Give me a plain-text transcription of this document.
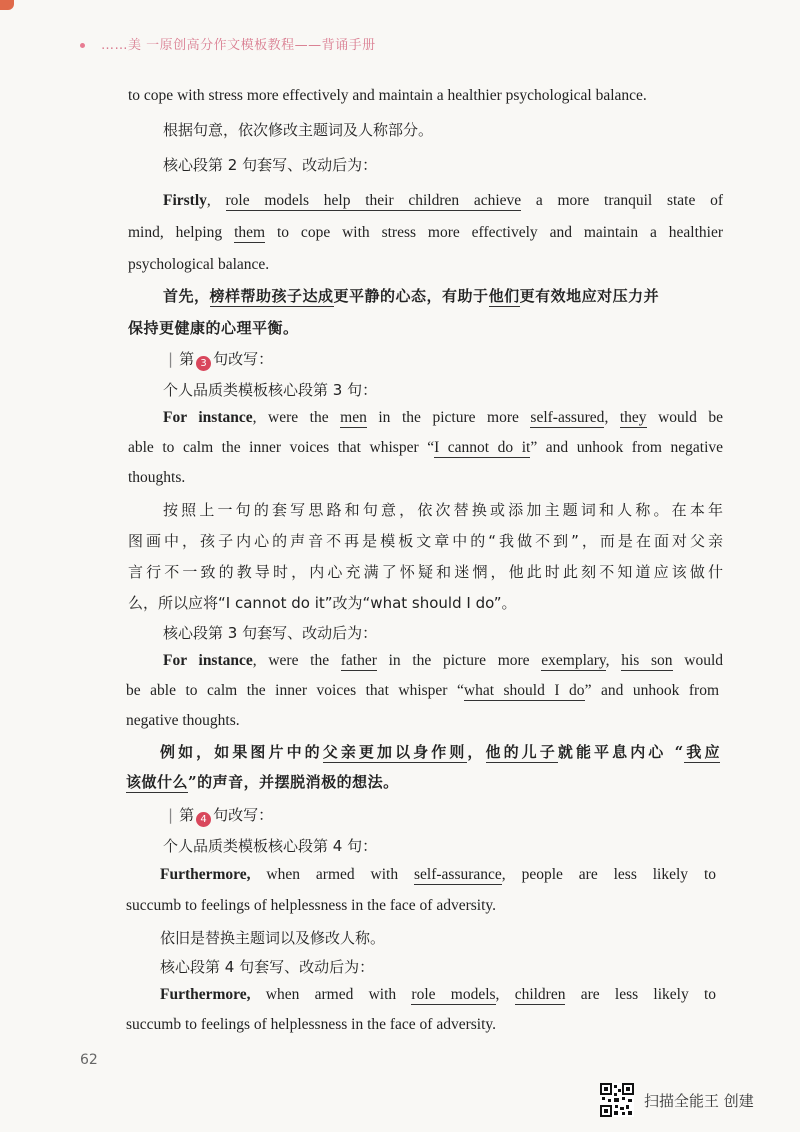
……美 一原创高分作文模板教程——背诵手册
to cope with stress more effectively and maintain a healthier psychological balance.
根据句意，依次修改主题词及人称部分。
核心段第 2 句套写、改动后为：
Firstly, role models help their children achieve a more tranquil state of
mind, helping them to cope with stress more effectively and maintain a healthier
psychological balance.
首先，榜样帮助孩子达成更平静的心态，有助于他们更有效地应对压力并
保持更健康的心理平衡。
| 第 3 句改写：
个人品质类模板核心段第 3 句：
For instance, were the men in the picture more self-assured, they would be
able to calm the inner voices that whisper “I cannot do it” and unhook from negative
thoughts.
按照上一句的套写思路和句意，依次替换或添加主题词和人称。在本年
图画中，孩子内心的声音不再是模板文章中的“我做不到”，而是在面对父亲
言行不一致的教导时，内心充满了怀疑和迷惘，他此时此刻不知道应该做什
么，所以应将“I cannot do it”改为“what should I do”。
核心段第 3 句套写、改动后为：
For instance, were the father in the picture more exemplary, his son would
be able to calm the inner voices that whisper “what should I do” and unhook from
negative thoughts.
例如，如果图片中的父亲更加以身作则，他的儿子就能平息内心 “我应
该做什么”的声音，并摆脱消极的想法。
| 第 4 句改写：
个人品质类模板核心段第 4 句：
Furthermore, when armed with self-assurance, people are less likely to
succumb to feelings of helplessness in the face of adversity.
依旧是替换主题词以及修改人称。
核心段第 4 句套写、改动后为：
Furthermore, when armed with role models, children are less likely to
succumb to feelings of helplessness in the face of adversity.
62
扫描全能王 创建
